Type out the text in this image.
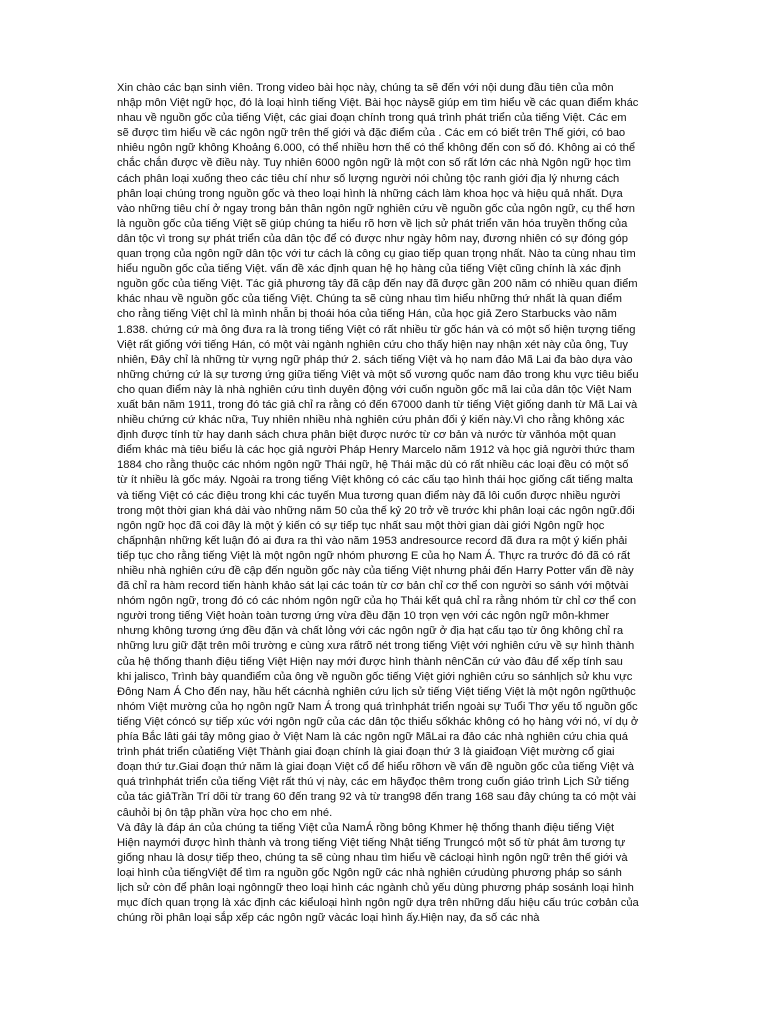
Xin chào các bạn sinh viên. Trong video bài học này, chúng ta sẽ đến với nội dung đầu tiên của môn nhập môn Việt ngữ học, đó là loại hình tiếng Việt. Bài học nàysẽ giúp em tìm hiểu về các quan điểm khác nhau về nguồn gốc của tiếng Việt, các giai đoạn chính trong quá trình phát triển của tiếng Việt. Các em sẽ được tìm hiểu về các ngôn ngữ trên thế giới và đặc điểm của . Các em có biết trên Thế giới, có bao nhiêu ngôn ngữ không Khoảng 6.000, có thể nhiều hơn thế có thể không đến con số đó. Không ai có thể chắc chắn được về điều này. Tuy nhiên 6000 ngôn ngữ là một con số rất lớn các nhà Ngôn ngữ học tìm cách phân loại xuống theo các tiêu chí như số lượng người nói chủng tộc ranh giới địa lý nhưng cách phân loại chúng trong nguồn gốc và theo loại hình là những cách làm khoa học và hiệu quả nhất. Dựa vào những tiêu chí ở ngay trong bản thân ngôn ngữ nghiên cứu về nguồn gốc của ngôn ngữ, cụ thể hơn là nguồn gốc của tiếng Việt sẽ giúp chúng ta hiểu rõ hơn về lịch sử phát triển văn hóa truyền thống của dân tộc vì trong sự phát triển của dân tộc để có được như ngày hôm nay, đương nhiên có sự đóng góp quan trọng của ngôn ngữ dân tộc với tư cách là công cụ giao tiếp quan trọng nhất. Nào ta cùng nhau tìm hiểu nguồn gốc của tiếng Việt. vấn đề xác định quan hệ họ hàng của tiếng Việt cũng chính là xác định nguồn gốc của tiếng Việt. Tác giả phương tây đã cập đến nay đã được gần 200 năm có nhiều quan điểm khác nhau về nguồn gốc của tiếng Việt. Chúng ta sẽ cùng nhau tìm hiểu những thứ nhất là quan điểm cho rằng tiếng Việt chỉ là mình nhẫn bị thoái hóa của tiếng Hán, của học giả Zero Starbucks vào năm 1.838. chứng cứ mà ông đưa ra là trong tiếng Việt có rất nhiều từ gốc hán và có một số hiện tượng tiếng Việt rất giống với tiếng Hán, có một vài ngành nghiên cứu cho thấy hiện nay nhận xét này của ông, Tuy nhiên, Đây chỉ là những từ vựng ngữ pháp thứ 2. sách tiếng Việt và họ nam đảo Mã Lai đa bào dựa vào những chứng cứ là sự tương ứng giữa tiếng Việt và một số vương quốc nam đảo trong khu vực tiêu biểu cho quan điểm này là nhà nghiên cứu tình duyên động với cuốn nguồn gốc mã lai của dân tộc Việt Nam xuất bản năm 1911, trong đó tác giả chỉ ra rằng có đến 67000 danh từ tiếng Việt giống danh từ Mã Lai và nhiều chứng cứ khác nữa, Tuy nhiên nhiều nhà nghiên cứu phản đối ý kiến này.Vì cho rằng không xác định được tính từ hay danh sách chưa phân biệt được nước từ cơ bản và nước từ vănhóa một quan điểm khác mà tiêu biểu là các học giả người Pháp Henry Marcelo năm 1912 và học giả người thức tham 1884 cho rằng thuộc các nhóm ngôn ngữ Thái ngữ, hệ Thái mặc dù có rất nhiều các loại đều có một số từ ít nhiều là gốc máy. Ngoài ra trong tiếng Việt không có các cấu tạo hình thái học giống cất tiếng malta và tiếng Việt có các điệu trong khi các tuyến Mua tương quan điểm này đã lôi cuốn được nhiều người trong một thời gian khá dài vào những năm 50 của thế kỷ 20 trở về trước khi phân loại các ngôn ngữ.đối ngôn ngữ học đã coi đây là một ý kiến có sự tiếp tục nhất sau một thời gian dài giới Ngôn ngữ học chấpnhận những kết luận đó ai đưa ra thì vào năm 1953 andresource record đã đưa ra một ý kiến phải tiếp tục cho rằng tiếng Việt là một ngôn ngữ nhóm phương E của họ Nam Á. Thực ra trước đó đã có rất nhiều nhà nghiên cứu đề cập đến nguồn gốc này của tiếng Việt nhưng phải đến Harry Potter vấn đề này đã chỉ ra hàm record tiến hành khảo sát lại các toán từ cơ bản chỉ cơ thể con người so sánh với mộtvài nhóm ngôn ngữ, trong đó có các nhóm ngôn ngữ của họ Thái kết quả chỉ ra rằng nhóm từ chỉ cơ thể con người trong tiếng Việt hoàn toàn tương ứng vừa đều đặn 10 trọn vẹn với các ngôn ngữ môn-khmer nhưng không tương ứng đều đặn và chất lỏng với các ngôn ngữ ở địa hạt cấu tạo từ ông không chỉ ra những lưu giữ đặt trên môi trường e cùng xưa rấtrõ nét trong tiếng Việt với nghiên cứu về sự hình thành của hệ thống thanh điệu tiếng Việt Hiện nay mới được hình thành nênCăn cứ vào đâu để xếp tính sau khi jalisco, Trình bày quanđiểm của ông về nguồn gốc tiếng Việt giới nghiên cứu so sánhlịch sử khu vực Đông Nam Á Cho đến nay, hầu hết cácnhà nghiên cứu lịch sử tiếng Việt tiếng Việt là một ngôn ngữthuộc nhóm Việt mường của họ ngôn ngữ Nam Á trong quá trìnhphát triển ngoài sự Tuổi Thơ yếu tố nguồn gốc tiếng Việt cóncó sự tiếp xúc với ngôn ngữ của các dân tộc thiểu sốkhác không có họ hàng với nó, ví dụ ở phía Bắc lâti gái tây mông giao ở Việt Nam là các ngôn ngữ MãLai ra đảo các nhà nghiên cứu chia quá trình phát triển củatiếng Việt Thành giai đoạn chính là giai đoạn thứ 3 là giaiđoạn Việt mường cổ giai đoạn thứ tư.Giai đoạn thứ năm là giai đoạn Việt cổ để hiểu rõhơn về vấn đề nguồn gốc của tiếng Việt và quá trìnhphát triển của tiếng Việt rất thú vị này, các em hãyđọc thêm trong cuốn giáo trình Lịch Sử tiếng của tác giảTrần Trí dõi từ trang 60 đến trang 92 và từ trang98 đến trang 168 sau đây chúng ta có một vài câuhỏi bị ôn tập phần vừa học cho em nhé.

Và đây là đáp án của chúng ta tiếng Việt của NamÁ rồng bông Khmer hệ thống thanh điệu tiếng Việt Hiện naymới được hình thành và trong tiếng Việt tiếng Nhật tiếng Trungcó một số từ phát âm tương tự giống nhau là dosự tiếp theo, chúng ta sẽ cùng nhau tìm hiểu về cácloại hình ngôn ngữ trên thế giới và loại hình của tiếngViệt để tìm ra nguồn gốc Ngôn ngữ các nhà nghiên cứudùng phương pháp so sánh lịch sử còn để phân loại ngônngữ theo loại hình các ngành chủ yếu dùng phương pháp sosánh loại hình mục đích quan trọng là xác định các kiểuloại hình ngôn ngữ dựa trên những dấu hiệu cấu trúc cơbản của chúng rồi phân loại sắp xếp các ngôn ngữ vàcác loại hình ấy.Hiện nay, đa số các nhà
